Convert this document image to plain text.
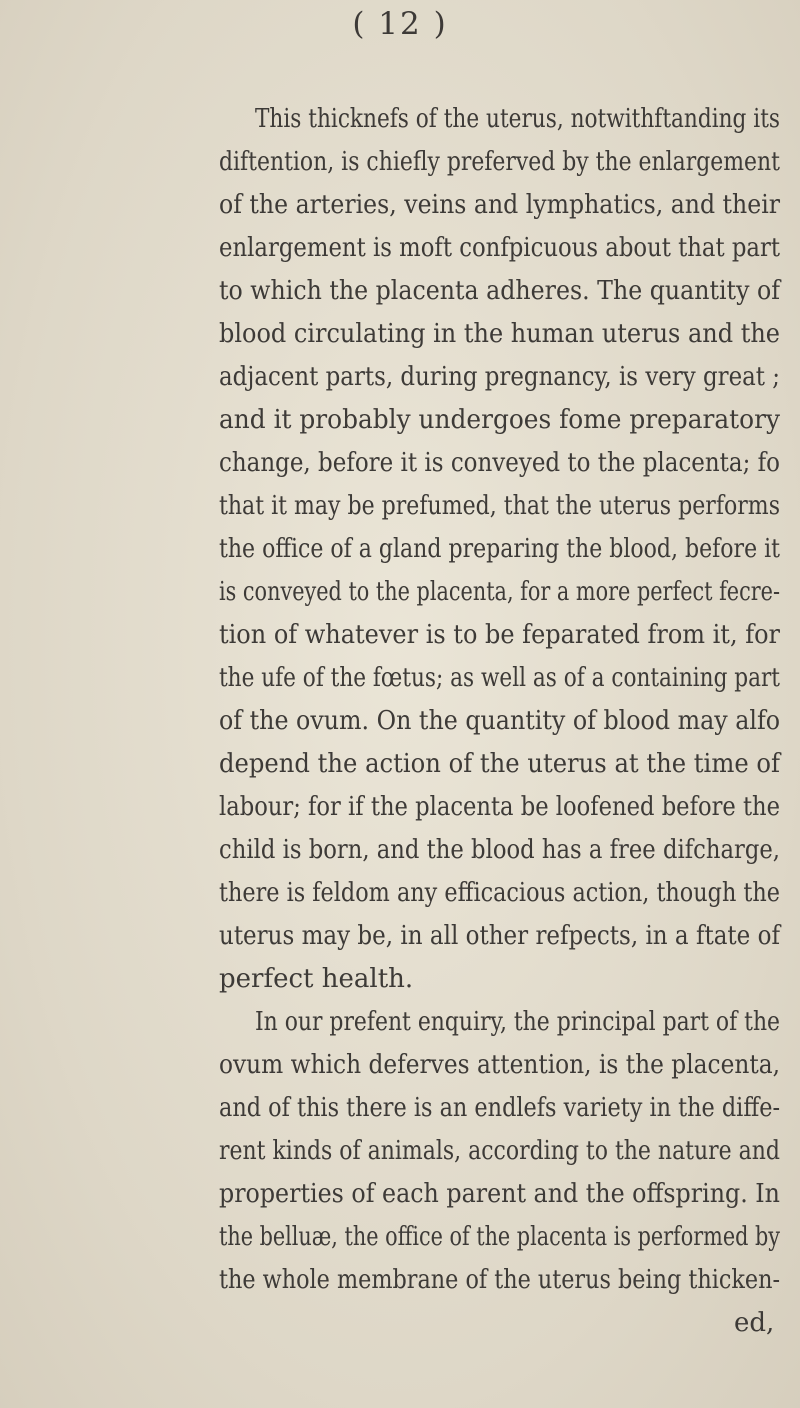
( 12 )
This thicknefs of the uterus, notwithftanding its
diftention, is chiefly preferved by the enlargement
of the arteries, veins and lymphatics, and their
enlargement is moft confpicuous about that part
to which the placenta adheres. The quantity of
blood circulating in the human uterus and the
adjacent parts, during pregnancy, is very great ;
and it probably undergoes fome preparatory
change, before it is conveyed to the placenta; fo
that it may be prefumed, that the uterus performs
the office of a gland preparing the blood, before it
is conveyed to the placenta, for a more perfect fecre-
tion of whatever is to be feparated from it, for
the ufe of the fœtus; as well as of a containing part
of the ovum. On the quantity of blood may alfo
depend the action of the uterus at the time of
labour; for if the placenta be loofened before the
child is born, and the blood has a free difcharge,
there is feldom any efficacious action, though the
uterus may be, in all other refpects, in a ftate of
perfect health.
In our prefent enquiry, the principal part of the
ovum which deferves attention, is the placenta,
and of this there is an endlefs variety in the diffe-
rent kinds of animals, according to the nature and
properties of each parent and the offspring. In
the belluæ, the office of the placenta is performed by
the whole membrane of the uterus being thicken-
ed,
